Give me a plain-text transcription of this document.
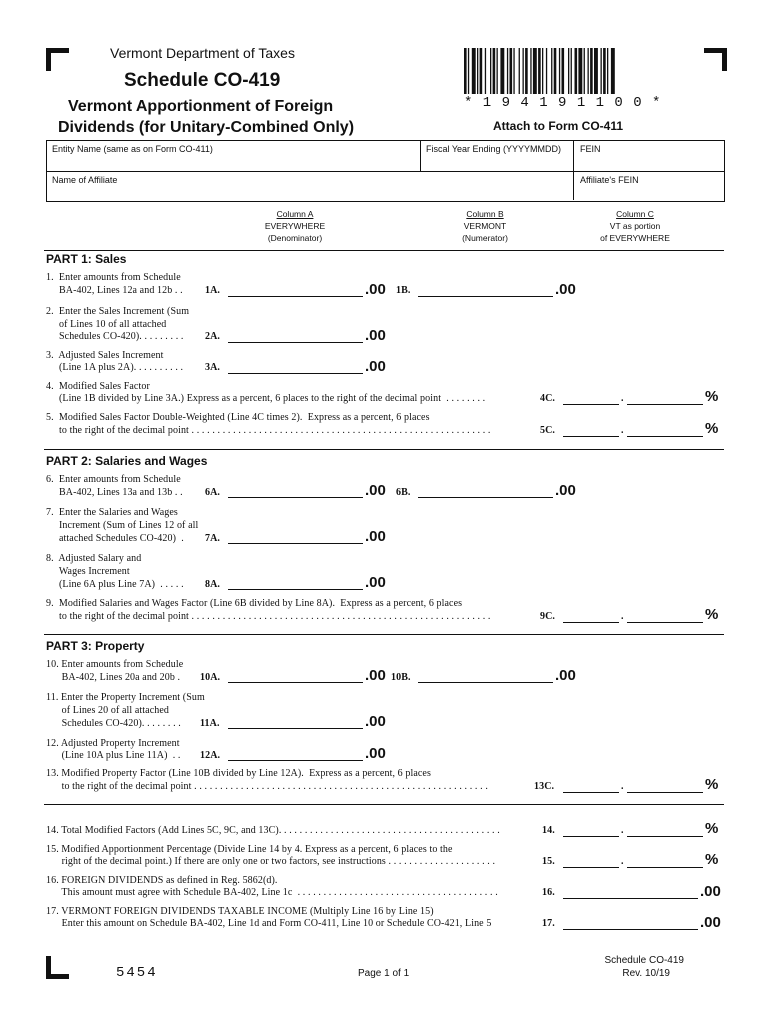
Vermont Department of Taxes
Schedule CO-419
Vermont Apportionment of Foreign
Dividends (for Unitary-Combined Only)
* 1 9 4 1 9 1 1 0 0 *
Attach to Form CO-411
Entity Name (same as on Form CO-411)	Fiscal Year Ending (YYYYMMDD) FEIN
Name of Affiliate	Affiliate's FEIN
Column A
EVERYWHERE
(Denominator)
Column B
VERMONT
(Numerator)
Column C
VT as portion
of EVERYWHERE
PART 1: Sales
1.  Enter amounts from Schedule
BA-402, Lines 12a and 12b . . 1A.	.00 1B.	.00
2.  Enter the Sales Increment (Sum
of Lines 10 of all attached
Schedules CO-420). . . . . . . . . 2A.	.00
3.  Adjusted Sales Increment
(Line 1A plus 2A). . . . . . . . . . 3A.	.00
4.  Modified Sales Factor
(Line 1B divided by Line 3A.) Express as a percent, 6 places to the right of the decimal point  . . . . . . . .	4C.	.	%
5.  Modified Sales Factor Double-Weighted (Line 4C times 2).  Express as a percent, 6 places
to the right of the decimal point . . . . . . . . . . . . . . . . . . . . . . . . . . . . . . . . . . . . . . . . . . . . . . . . . . . . . . . . . .	5C.	.	%
PART 2: Salaries and Wages
6.  Enter amounts from Schedule
BA-402, Lines 13a and 13b . . 6A.	.00 6B.	.00
7.  Enter the Salaries and Wages
Increment (Sum of Lines 12 of all
attached Schedules CO-420)  . 7A.	.00
8.  Adjusted Salary and
Wages Increment
(Line 6A plus Line 7A)  . . . . . 8A.	.00
9.  Modified Salaries and Wages Factor (Line 6B divided by Line 8A).  Express as a percent, 6 places
to the right of the decimal point . . . . . . . . . . . . . . . . . . . . . . . . . . . . . . . . . . . . . . . . . . . . . . . . . . . . . . . . . .	9C.	.	%
PART 3: Property
10. Enter amounts from Schedule
BA-402, Lines 20a and 20b . 10A.	.00 10B.	.00
11. Enter the Property Increment (Sum
of Lines 20 of all attached
Schedules CO-420). . . . . . . . 11A.	.00
12. Adjusted Property Increment
(Line 10A plus Line 11A)  . . 12A.	.00
13. Modified Property Factor (Line 10B divided by Line 12A).  Express as a percent, 6 places
to the right of the decimal point . . . . . . . . . . . . . . . . . . . . . . . . . . . . . . . . . . . . . . . . . . . . . . . . . . . . . . . . .	13C.	.	%
14. Total Modified Factors (Add Lines 5C, 9C, and 13C). . . . . . . . . . . . . . . . . . . . . . . . . . . . . . . . . . . . . . . . . . .	14.	.	%
15. Modified Apportionment Percentage (Divide Line 14 by 4. Express as a percent, 6 places to the
right of the decimal point.) If there are only one or two factors, see instructions . . . . . . . . . . . . . . . . . . . . .	15.	.	%
16. FOREIGN DIVIDENDS as defined in Reg. 5862(d).
This amount must agree with Schedule BA-402, Line 1c  . . . . . . . . . . . . . . . . . . . . . . . . . . . . . . . . . . . . . . .	16.	.00
17. VERMONT FOREIGN DIVIDENDS TAXABLE INCOME (Multiply Line 16 by Line 15)
Enter this amount on Schedule BA-402, Line 1d and Form CO-411, Line 10 or Schedule CO-421, Line 5	17.	.00
5454	Page 1 of 1
Schedule CO-419
Rev. 10/19
